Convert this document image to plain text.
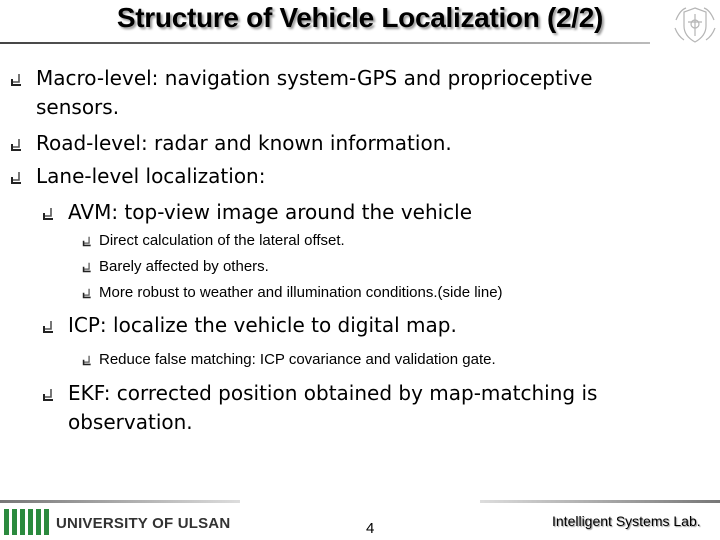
Structure of Vehicle Localization (2/2)
Macro-level: navigation system-GPS and proprioceptive sensors.
Road-level: radar and known information.
Lane-level localization:
AVM: top-view image around the vehicle
Direct calculation of the lateral offset.
Barely affected by others.
More robust to weather and illumination conditions.(side line)
ICP: localize the vehicle to digital map.
Reduce false matching: ICP covariance and validation gate.
EKF: corrected position obtained by map-matching is observation.
UNIVERSITY OF ULSAN	4	Intelligent Systems Lab.
